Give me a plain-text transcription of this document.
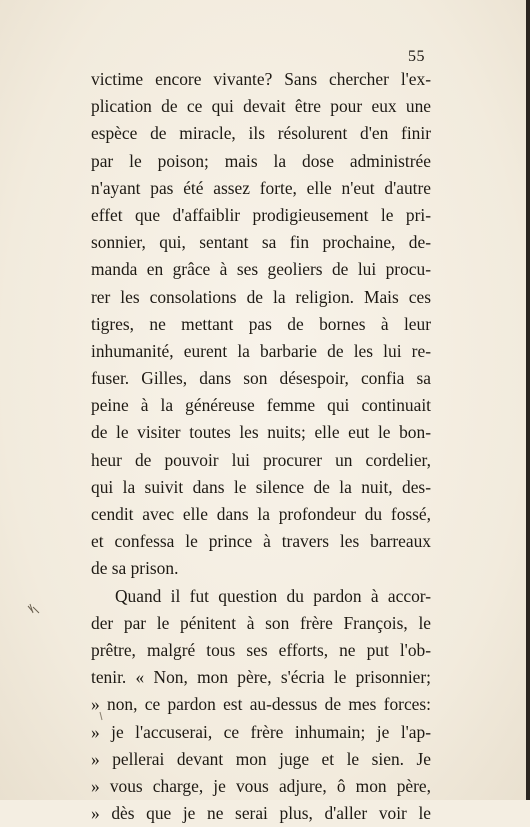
55
victime encore vivante? Sans chercher l'ex-
plication de ce qui devait être pour eux une
espèce de miracle, ils résolurent d'en finir
par le poison; mais la dose administrée
n'ayant pas été assez forte, elle n'eut d'autre
effet que d'affaiblir prodigieusement le pri-
sonnier, qui, sentant sa fin prochaine, de-
manda en grâce à ses geoliers de lui procu-
rer les consolations de la religion. Mais ces
tigres, ne mettant pas de bornes à leur
inhumanité, eurent la barbarie de les lui re-
fuser. Gilles, dans son désespoir, confia sa
peine à la généreuse femme qui continuait
de le visiter toutes les nuits; elle eut le bon-
heur de pouvoir lui procurer un cordelier,
qui la suivit dans le silence de la nuit, des-
cendit avec elle dans la profondeur du fossé,
et confessa le prince à travers les barreaux
de sa prison.
Quand il fut question du pardon à accor-
der par le pénitent à son frère François, le
prêtre, malgré tous ses efforts, ne put l'ob-
tenir. « Non, mon père, s'écria le prisonnier;
» non, ce pardon est au-dessus de mes forces:
» je l'accuserai, ce frère inhumain; je l'ap-
» pellerai devant mon juge et le sien. Je
» vous charge, je vous adjure, ô mon père,
» dès que je ne serai plus, d'aller voir le
